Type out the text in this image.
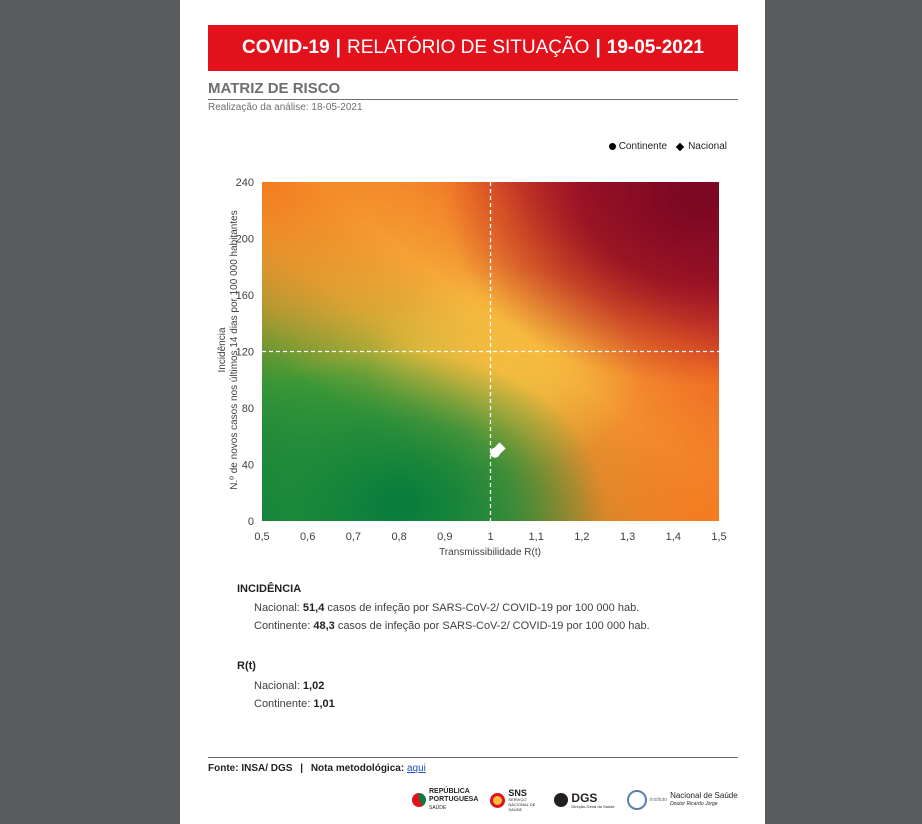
COVID-19 | RELATÓRIO DE SITUAÇÃO | 19-05-2021
MATRIZ DE RISCO
Realização da análise: 18-05-2021
Continente Nacional
0,5	0,6	0,7	0,8	0,9	1	1,1	1,2	1,3	1,4	1,5
0
40
80
120
160
200
240
Transmissibilidade R(t)
Incidência N.º de novos casos nos últimos 14 dias por 100 000 habitantes
INCIDÊNCIA
Nacional: 51,4 casos de infeção por SARS-CoV-2/ COVID-19 por 100 000 hab.
Continente: 48,3 casos de infeção por SARS-CoV-2/ COVID-19 por 100 000 hab.
R(t)
Nacional: 1,02
Continente: 1,01
Fonte: INSA/ DGS | Nota metodológica: aqui
REPÚBLICA
PORTUGUESA
SAÚDE
SNS
SERVIÇO NACIONAL DE SAÚDE
DGS
Direção-Geral da Saúde
Instituto Nacional de Saúde
Doutor Ricardo Jorge
